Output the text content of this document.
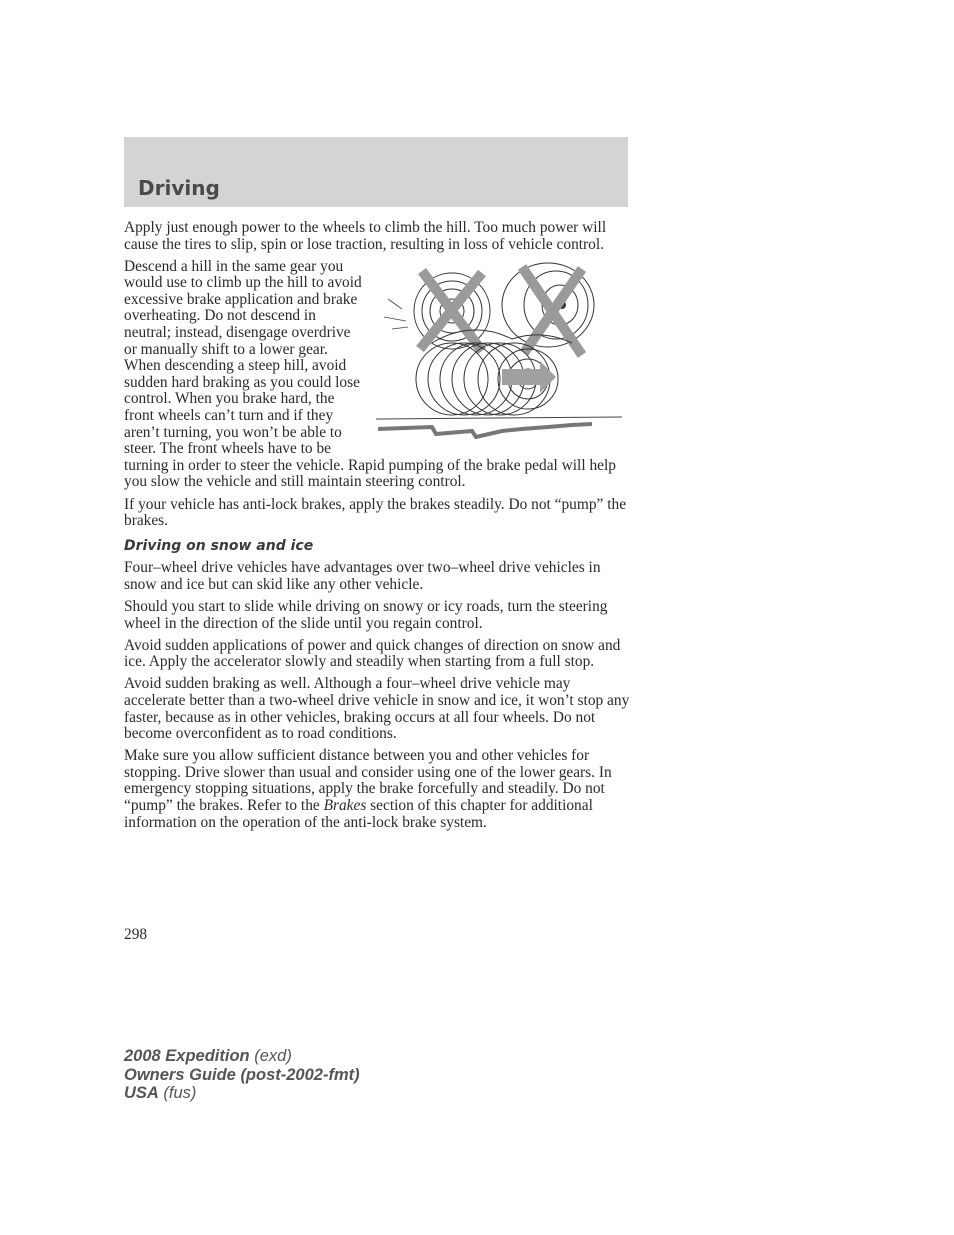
Driving

Apply just enough power to the wheels to climb the hill. Too much power will cause the tires to slip, spin or lose traction, resulting in loss of vehicle control.

Descend a hill in the same gear you would use to climb up the hill to avoid excessive brake application and brake overheating. Do not descend in neutral; instead, disengage overdrive or manually shift to a lower gear. When descending a steep hill, avoid sudden hard braking as you could lose control. When you brake hard, the front wheels can’t turn and if they aren’t turning, you won’t be able to steer. The front wheels have to be turning in order to steer the vehicle. Rapid pumping of the brake pedal will help you slow the vehicle and still maintain steering control.

If your vehicle has anti-lock brakes, apply the brakes steadily. Do not “pump” the brakes.

Driving on snow and ice

Four–wheel drive vehicles have advantages over two–wheel drive vehicles in snow and ice but can skid like any other vehicle.

Should you start to slide while driving on snowy or icy roads, turn the steering wheel in the direction of the slide until you regain control.

Avoid sudden applications of power and quick changes of direction on snow and ice. Apply the accelerator slowly and steadily when starting from a full stop.

Avoid sudden braking as well. Although a four–wheel drive vehicle may accelerate better than a two-wheel drive vehicle in snow and ice, it won’t stop any faster, because as in other vehicles, braking occurs at all four wheels. Do not become overconfident as to road conditions.

Make sure you allow sufficient distance between you and other vehicles for stopping. Drive slower than usual and consider using one of the lower gears. In emergency stopping situations, apply the brake forcefully and steadily. Do not “pump” the brakes. Refer to the Brakes section of this chapter for additional information on the operation of the anti-lock brake system.

298
2008 Expedition (exd)
Owners Guide (post-2002-fmt)
USA (fus)
